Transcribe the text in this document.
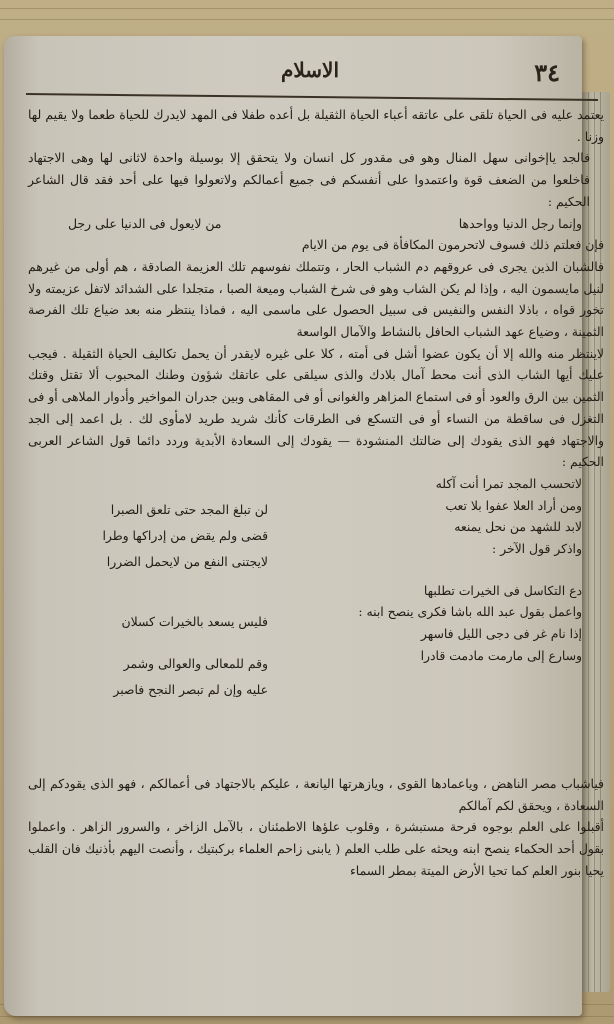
٣٤
الاسلام

يعتمد عليه فى الحياة تلقى على عاتقه أعباء الحياة الثقيلة بل أعده طفلا فى المهد لايدرك للحياة طعما ولا يقيم لها وزنا .

فالجد ياإخوانى سهل المنال وهو فى مقدور كل انسان ولا يتحقق إلا بوسيلة واحدة لاثانى لها وهى الاجتهاد فاخلعوا من الضعف قوة واعتمدوا على أنفسكم فى جميع أعمالكم ولاتعولوا فيها على أحد فقد قال الشاعر الحكيم :

وإنما رجل الدنيا وواحدها
من لايعول فى الدنيا على رجل

فإن فعلتم ذلك فسوف لاتحرمون المكافأة فى يوم من الايام
فالشبان الذين يجرى فى عروقهم دم الشباب الحار ، وتتملك نفوسهم تلك العزيمة الصادقة ، هم أولى من غيرهم لنيل مايسمون اليه ، وإذا لم يكن الشاب وهو فى شرخ الشباب وميعة الصبا ، متجلدا على الشدائد لاتفل عزيمته ولا تخور قواه ، باذلا النفس والنفيس فى سبيل الحصول على ماسمى اليه ، فماذا ينتظر منه بعد ضياع تلك الفرصة الثمينة ، وضياع عهد الشباب الحافل بالنشاط والآمال الواسعة

لاينتظر منه والله إلا أن يكون عضوا أشل فى أمته ، كلا على غيره لايقدر أن يحمل تكاليف الحياة الثقيلة . فيجب عليك أيها الشاب الذى أنت محط آمال بلادك والذى سيلقى على عاتقك شؤون وطنك المحبوب ألا تقتل وقتك الثمين بين الرق والعود أو فى استماع المزاهر والغوانى أو فى المقاهى وبين جدران المواخير وأدوار الملاهى أو فى التغزل فى ساقطة من النساء أو فى التسكع فى الطرقات كأنك شريد طريد لامأوى لك . بل اعمد إلى الجد والاجتهاد فهو الذى يقودك إلى ضالتك المنشودة — يقودك إلى السعادة الأبدية وردد دائما قول الشاعر العربى الحكيم :

لاتحسب المجد تمرا أنت آكله
ومن أراد العلا عفوا بلا تعب
لابد للشهد من نحل يمنعه
واذكر قول الآخر :
دع التكاسل فى الخيرات تطلبها
واعمل بقول عبد الله باشا فكرى ينصح ابنه :
إذا نام غر فى دجى الليل فاسهر
وسارع إلى مارمت مادمت قادرا
لن تبلغ المجد حتى تلعق الصبرا
قضى ولم يقض من إدراكها وطرا
لايجتنى النفع من لايحمل الضررا
فليس يسعد بالخيرات كسلان
وقم للمعالى والعوالى وشمر
عليه وإن لم تبصر النجح فاصبر

فياشباب مصر الناهض ، وياعمادها القوى ، ويازهرتها اليانعة ، عليكم بالاجتهاد فى أعمالكم ، فهو الذى يقودكم إلى السعادة ، ويحقق لكم آمالكم
أقبلوا على العلم بوجوه فرحة مستبشرة ، وقلوب علؤها الاطمئنان ، بالآمل الزاخر ، والسرور الزاهر . واعملوا بقول أحد الحكماء ينصح ابنه ويحثه على طلب العلم ( يابنى زاحم العلماء بركبتيك ، وأنصت اليهم بأذنيك فان القلب يحيا بنور العلم كما تحيا الأرض الميتة بمطر السماء
